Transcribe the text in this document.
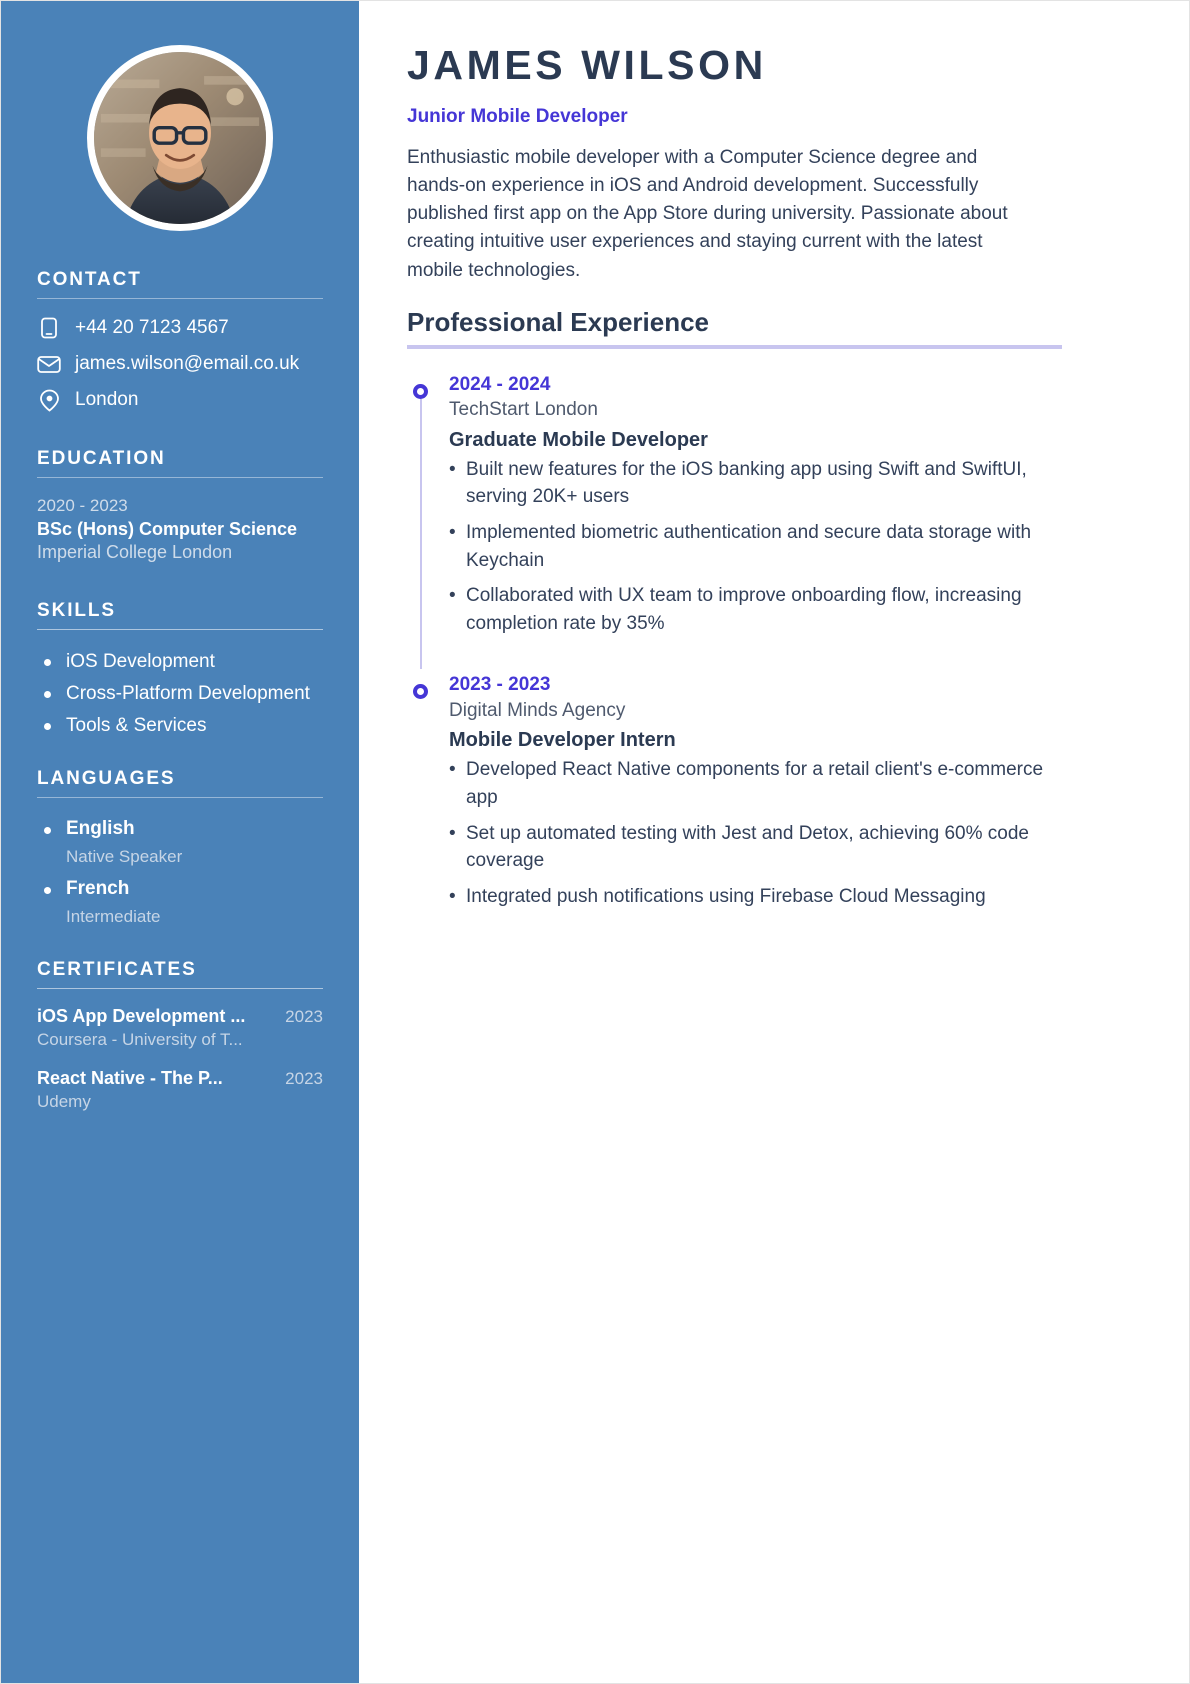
CONTACT
+44 20 7123 4567
james.wilson@email.co.uk
London
EDUCATION
2020 - 2023
BSc (Hons) Computer Science
Imperial College London
SKILLS
iOS Development
Cross-Platform Development
Tools & Services
LANGUAGES
English
Native Speaker
French
Intermediate
CERTIFICATES
iOS App Development ... 2023
Coursera - University of T...
React Native - The P...	2023
Udemy
JAMES WILSON
Junior Mobile Developer

Enthusiastic mobile developer with a Computer Science degree and hands-on experience in iOS and Android development. Successfully published first app on the App Store during university. Passionate about creating intuitive user experiences and staying current with the latest mobile technologies.

Professional Experience
2024 - 2024
TechStart London
Graduate Mobile Developer
• Built new features for the iOS banking app using Swift and SwiftUI, serving 20K+ users
• Implemented biometric authentication and secure data storage with Keychain
• Collaborated with UX team to improve onboarding flow, increasing completion rate by 35%
2023 - 2023
Digital Minds Agency
Mobile Developer Intern
• Developed React Native components for a retail client's e-commerce app
• Set up automated testing with Jest and Detox, achieving 60% code coverage
• Integrated push notifications using Firebase Cloud Messaging
